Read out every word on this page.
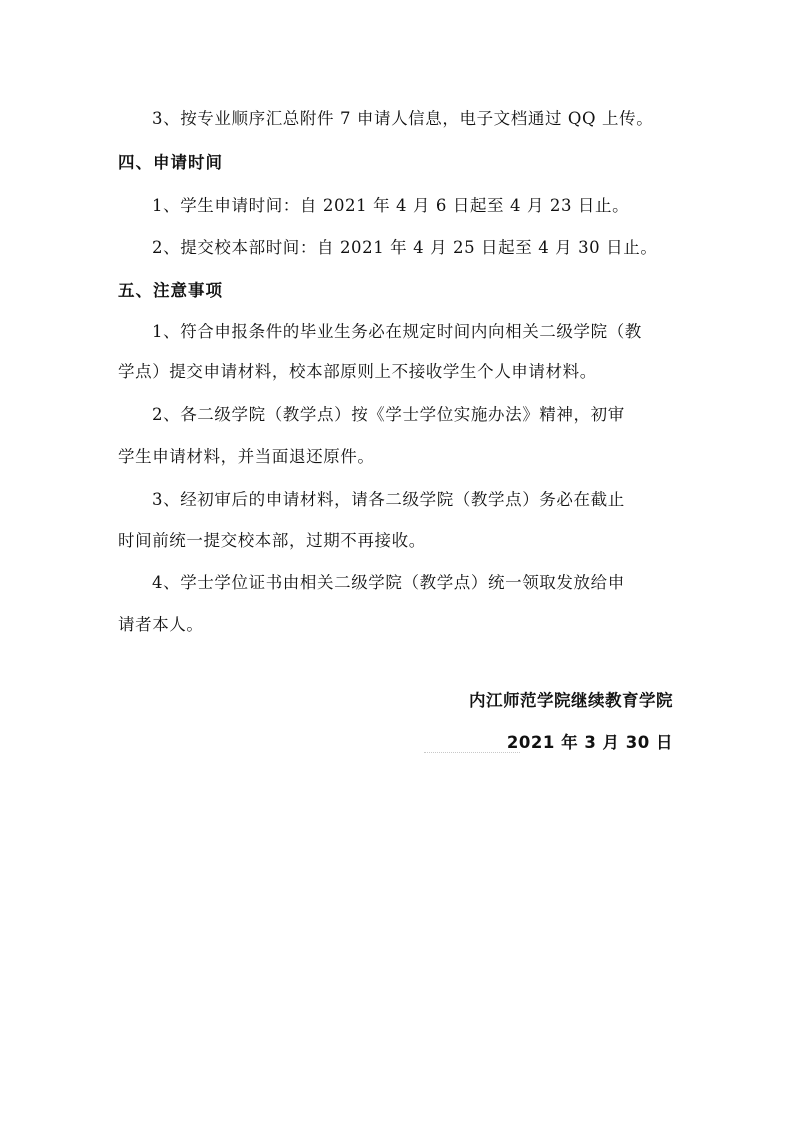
3、按专业顺序汇总附件 7 申请人信息，电子文档通过 QQ 上传。
四、申请时间
1、学生申请时间：自 2021 年 4 月 6 日起至 4 月 23 日止。
2、提交校本部时间：自 2021 年 4 月 25 日起至 4 月 30 日止。
五、注意事项
1、符合申报条件的毕业生务必在规定时间内向相关二级学院（教
学点）提交申请材料，校本部原则上不接收学生个人申请材料。
2、各二级学院（教学点）按《学士学位实施办法》精神，初审
学生申请材料，并当面退还原件。
3、经初审后的申请材料，请各二级学院（教学点）务必在截止
时间前统一提交校本部，过期不再接收。
4、学士学位证书由相关二级学院（教学点）统一领取发放给申
请者本人。
内江师范学院继续教育学院
2021 年 3 月 30 日
